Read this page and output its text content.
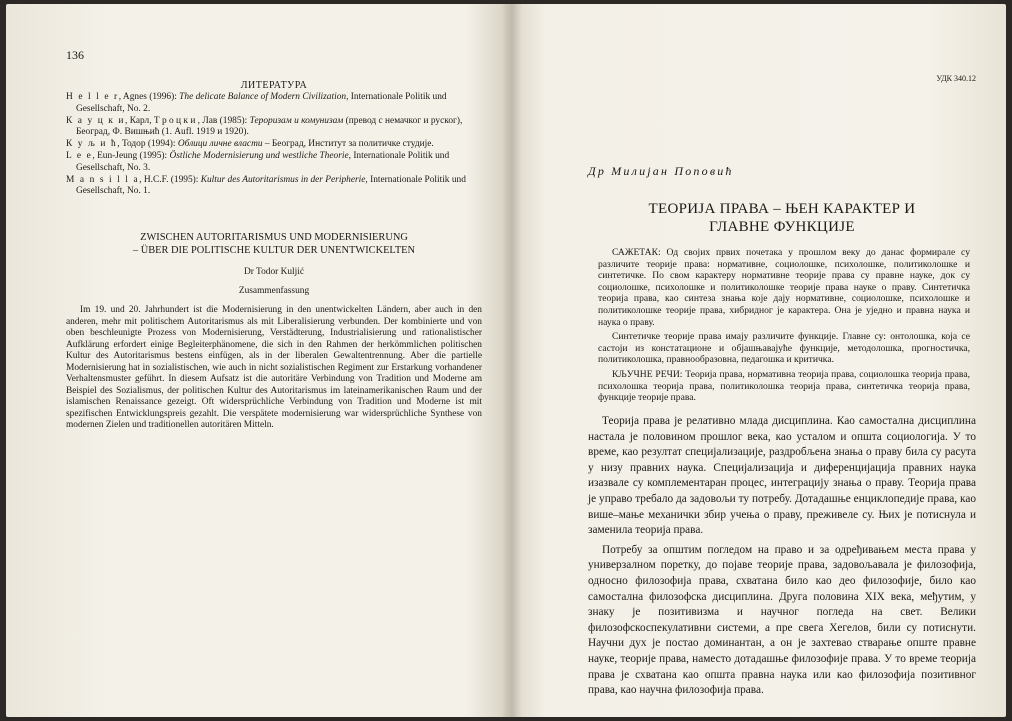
136
ЛИТЕРАТУРА
H e l l e r, Agnes (1996): The delicate Balance of Modern Civilization, Internationale Politik und Gesellschaft, No. 2.
К а у ц к и, Карл, Т р о ц к и , Лав (1985): Тероризам и комунизам (превод с немачког и руског), Београд, Ф. Вишњић (1. Aufl. 1919 и 1920).
К у љ и ћ, Тодор (1994): Облици личне власти – Београд, Институт за политичке студије.
L e e, Eun-Jeung (1995): Östliche Modernisierung und westliche Theorie, Internationale Politik und Gesellschaft, No. 3.
M a n s i l l a, H.C.F. (1995): Kultur des Autoritarismus in der Peripherie, Internationale Politik und Gesellschaft, No. 1.
ZWISCHEN AUTORITARISMUS UND MODERNISIERUNG
– ÜBER DIE POLITISCHE KULTUR DER UNENTWICKELTEN
Dr Todor Kuljić
Zusammenfassung

Im 19. und 20. Jahrhundert ist die Modernisierung in den unentwickelten Ländern, aber auch in den anderen, mehr mit politischem Autoritarismus als mit Liberalisierung verbunden. Der kombinierte und von oben beschleunigte Prozess von Modernisierung, Verstädterung, Industrialisierung und rationalistischer Aufklärung erfordert einige Begleiterphänomene, die sich in den Rahmen der herkömmlichen politischen Kultur des Autoritarismus bestens einfügen, als in der liberalen Gewaltentrennung. Aber die partielle Modernisierung hat in sozialistischen, wie auch in nicht sozialistischen Regiment zur Erstarkung vorhandener Verhaltensmuster geführt. In diesem Aufsatz ist die autoritäre Verbindung von Tradition und Moderne am Beispiel des Sozialismus, der politischen Kultur des Autoritarismus im lateinamerikanischen Raum und der islamischen Renaissance gezeigt. Oft widersprüchliche Verbindung von Tradition und Moderne ist mit spezifischen Entwicklungspreis gezahlt. Die verspätete modernisierung war widersprüchliche Synthese von modernen Zielen und traditionellen autoritären Mitteln.

УДК 340.12
Др Милијан Поповић
ТЕОРИЈА ПРАВА – ЊЕН КАРАКТЕР И
ГЛАВНЕ ФУНКЦИЈЕ

САЖЕТАК: Од својих првих почетака у прошлом веку до данас формирале су различите теорије права: нормативне, социолошке, психолошке, политиколошке и синтетичке. По свом карактеру нормативне теорије права су правне науке, док су социолошке, психолошке и политиколошке теорије права науке о праву. Синтетичка теорија права, као синтеза знања које дају нормативне, социолошке, психолошке и политиколошке теорије права, хибридног је карактера. Она је уједно и правна наука и наука о праву.

Синтетичке теорије права имају различите функције. Главне су: онтолошка, која се састоји из констатационе и објашњавајуће функције, методолошка, прогностичка, политиколошка, правнообразовна, педагошка и критичка.

КЉУЧНЕ РЕЧИ: Теорија права, нормативна теорија права, социолошка теорија права, психолошка теорија права, политиколошка теорија права, синтетичка теорија права, функције теорије права.

Теорија права је релативно млада дисциплина. Као самостална дисциплина настала је половином прошлог века, као усталом и општа социологија. У то време, као резултат специјализације, раздробљена знања о праву била су расута у низу правних наука. Специјализација и диференцијација правних наука изазвале су комплементаран процес, интеграцију знања о праву. Теорија права је управо требало да задовољи ту потребу. Дотадашње енциклопедије права, као више–мање механички збир учења о праву, преживеле су. Њих је потиснула и заменила теорија права.

Потребу за општим погледом на право и за одређивањем места права у универзалном поретку, до појаве теорије права, задовољавала је филозофија, односно филозофија права, схватана било као део филозофије, било као самостална филозофска дисциплина. Друга половина XIX века, међутим, у знаку је позитивизма и научног погледа на свет. Велики филозофскоспекулативни системи, а пре свега Хегелов, били су потиснути. Научни дух је постао доминантан, а он је захтевао стварање опште правне науке, теорије права, наместо дотадашње филозофије права. У то време теорија права је схватана као општа правна наука или као филозофија позитивног права, као научна филозофија права.
